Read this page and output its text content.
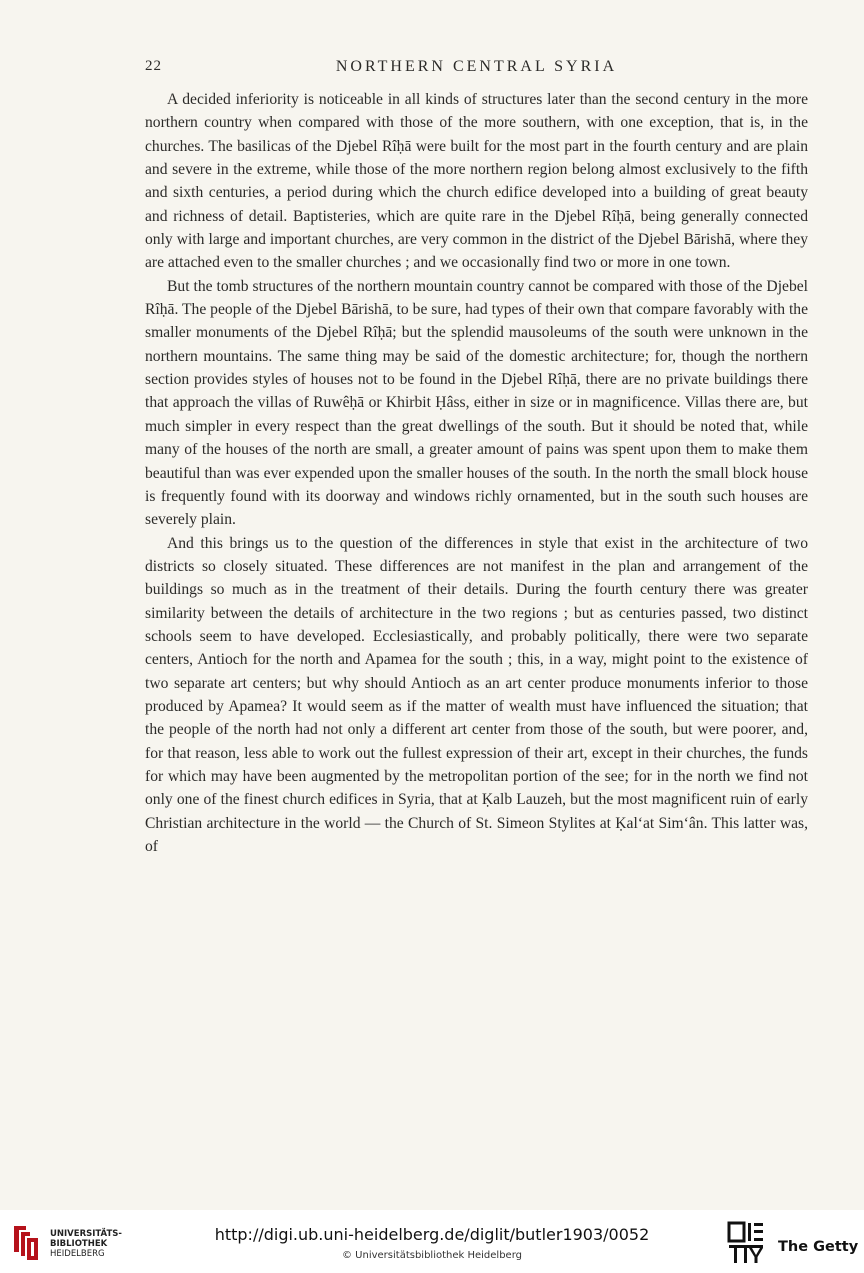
22	NORTHERN CENTRAL SYRIA

A decided inferiority is noticeable in all kinds of structures later than the second century in the more northern country when compared with those of the more southern, with one exception, that is, in the churches. The basilicas of the Djebel Rîḥā were built for the most part in the fourth century and are plain and severe in the extreme, while those of the more northern region belong almost exclusively to the fifth and sixth centuries, a period during which the church edifice developed into a building of great beauty and richness of detail. Baptisteries, which are quite rare in the Djebel Rîḥā, being generally connected only with large and important churches, are very common in the district of the Djebel Bārishā, where they are attached even to the smaller churches ; and we occasionally find two or more in one town.

But the tomb structures of the northern mountain country cannot be compared with those of the Djebel Rîḥā. The people of the Djebel Bārishā, to be sure, had types of their own that compare favorably with the smaller monuments of the Djebel Rîḥā; but the splendid mausoleums of the south were unknown in the northern mountains. The same thing may be said of the domestic architecture; for, though the northern section provides styles of houses not to be found in the Djebel Rîḥā, there are no private buildings there that approach the villas of Ruwêḥā or Khirbit Ḥâss, either in size or in magnificence. Villas there are, but much simpler in every respect than the great dwellings of the south. But it should be noted that, while many of the houses of the north are small, a greater amount of pains was spent upon them to make them beautiful than was ever expended upon the smaller houses of the south. In the north the small block house is frequently found with its doorway and windows richly ornamented, but in the south such houses are severely plain.

And this brings us to the question of the differences in style that exist in the architecture of two districts so closely situated. These differences are not manifest in the plan and arrangement of the buildings so much as in the treatment of their details. During the fourth century there was greater similarity between the details of architecture in the two regions ; but as centuries passed, two distinct schools seem to have developed. Ecclesiastically, and probably politically, there were two separate centers, Antioch for the north and Apamea for the south ; this, in a way, might point to the existence of two separate art centers; but why should Antioch as an art center produce monuments inferior to those produced by Apamea? It would seem as if the matter of wealth must have influenced the situation; that the people of the north had not only a different art center from those of the south, but were poorer, and, for that reason, less able to work out the fullest expression of their art, except in their churches, the funds for which may have been augmented by the metropolitan portion of the see; for in the north we find not only one of the finest church edifices in Syria, that at Ḳalb Lauzeh, but the most magnificent ruin of early Christian architecture in the world — the Church of St. Simeon Stylites at Ḳal‘at Sim‘ân. This latter was, of

UNIVERSITÄTS-
BIBLIOTHEK
HEIDELBERG
http://digi.ub.uni-heidelberg.de/diglit/butler1903/0052
© Universitätsbibliothek Heidelberg
The Getty
